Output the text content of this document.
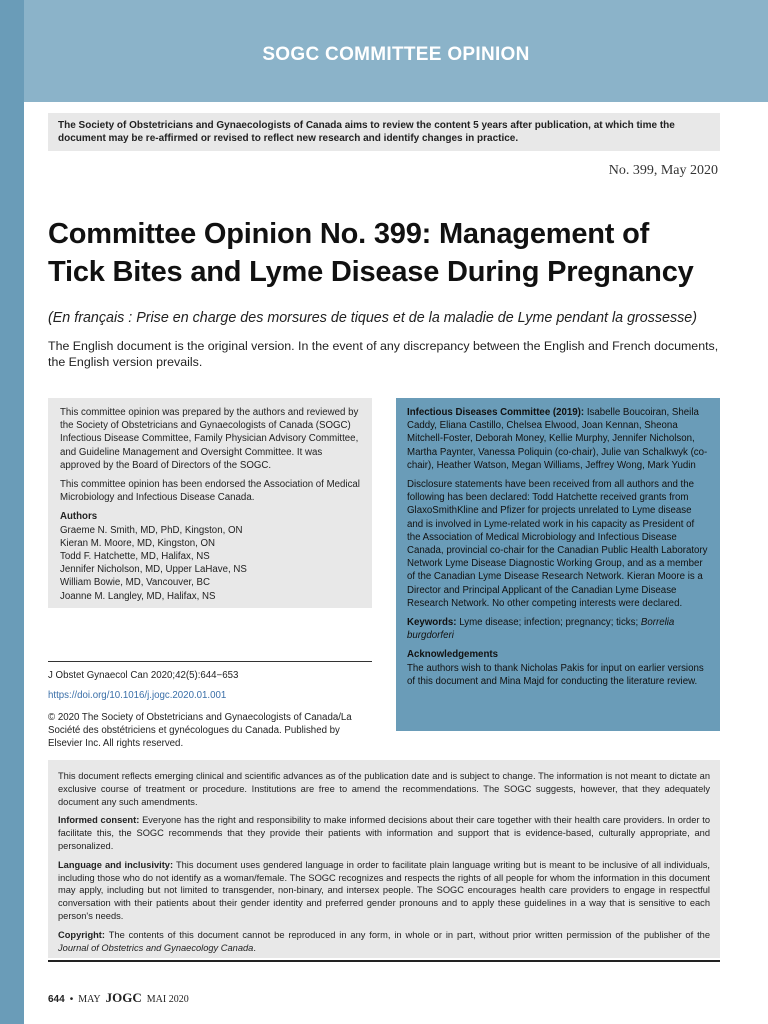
SOGC COMMITTEE OPINION
The Society of Obstetricians and Gynaecologists of Canada aims to review the content 5 years after publication, at which time the document may be re-affirmed or revised to reflect new research and identify changes in practice.
No. 399, May 2020
Committee Opinion No. 399: Management of
Tick Bites and Lyme Disease During Pregnancy
(En français : Prise en charge des morsures de tiques et de la maladie de Lyme pendant la grossesse)
The English document is the original version. In the event of any discrepancy between the English and French documents, the English version prevails.

This committee opinion was prepared by the authors and reviewed by the Society of Obstetricians and Gynaecologists of Canada (SOGC) Infectious Disease Committee, Family Physician Advisory Committee, and Guideline Management and Oversight Committee. It was approved by the Board of Directors of the SOGC.

This committee opinion has been endorsed the Association of Medical Microbiology and Infectious Disease Canada.

Authors

Graeme N. Smith, MD, PhD, Kingston, ON
Kieran M. Moore, MD, Kingston, ON
Todd F. Hatchette, MD, Halifax, NS
Jennifer Nicholson, MD, Upper LaHave, NS
William Bowie, MD, Vancouver, BC
Joanne M. Langley, MD, Halifax, NS

Infectious Diseases Committee (2019): Isabelle Boucoiran, Sheila Caddy, Eliana Castillo, Chelsea Elwood, Joan Kennan, Sheona Mitchell-Foster, Deborah Money, Kellie Murphy, Jennifer Nicholson, Martha Paynter, Vanessa Poliquin (co-chair), Julie van Schalkwyk (co-chair), Heather Watson, Megan Williams, Jeffrey Wong, Mark Yudin

Disclosure statements have been received from all authors and the following has been declared: Todd Hatchette received grants from GlaxoSmithKline and Pfizer for projects unrelated to Lyme disease and is involved in Lyme-related work in his capacity as President of the Association of Medical Microbiology and Infectious Disease Canada, provincial co-chair for the Canadian Public Health Laboratory Network Lyme Disease Diagnostic Working Group, and as a member of the Canadian Lyme Disease Research Network. Kieran Moore is a Director and Principal Applicant of the Canadian Lyme Disease Research Network. No other competing interests were declared.

Keywords: Lyme disease; infection; pregnancy; ticks; Borrelia burgdorferi

Acknowledgements
The authors wish to thank Nicholas Pakis for input on earlier versions of this document and Mina Majd for conducting the literature review.

J Obstet Gynaecol Can 2020;42(5):644−653
https://doi.org/10.1016/j.jogc.2020.01.001
© 2020 The Society of Obstetricians and Gynaecologists of Canada/La Société des obstétriciens et gynécologues du Canada. Published by Elsevier Inc. All rights reserved.

This document reflects emerging clinical and scientific advances as of the publication date and is subject to change. The information is not meant to dictate an exclusive course of treatment or procedure. Institutions are free to amend the recommendations. The SOGC suggests, however, that they adequately document any such amendments.

Informed consent: Everyone has the right and responsibility to make informed decisions about their care together with their health care providers. In order to facilitate this, the SOGC recommends that they provide their patients with information and support that is evidence-based, culturally appropriate, and personalized.

Language and inclusivity: This document uses gendered language in order to facilitate plain language writing but is meant to be inclusive of all individuals, including those who do not identify as a woman/female. The SOGC recognizes and respects the rights of all people for whom the information in this document may apply, including but not limited to transgender, non-binary, and intersex people. The SOGC encourages health care providers to engage in respectful conversation with their patients about their gender identity and preferred gender pronouns and to apply these guidelines in a way that is sensitive to each person's needs.

Copyright: The contents of this document cannot be reproduced in any form, in whole or in part, without prior written permission of the publisher of the Journal of Obstetrics and Gynaecology Canada.

644 • MAY JOGC MAI 2020
